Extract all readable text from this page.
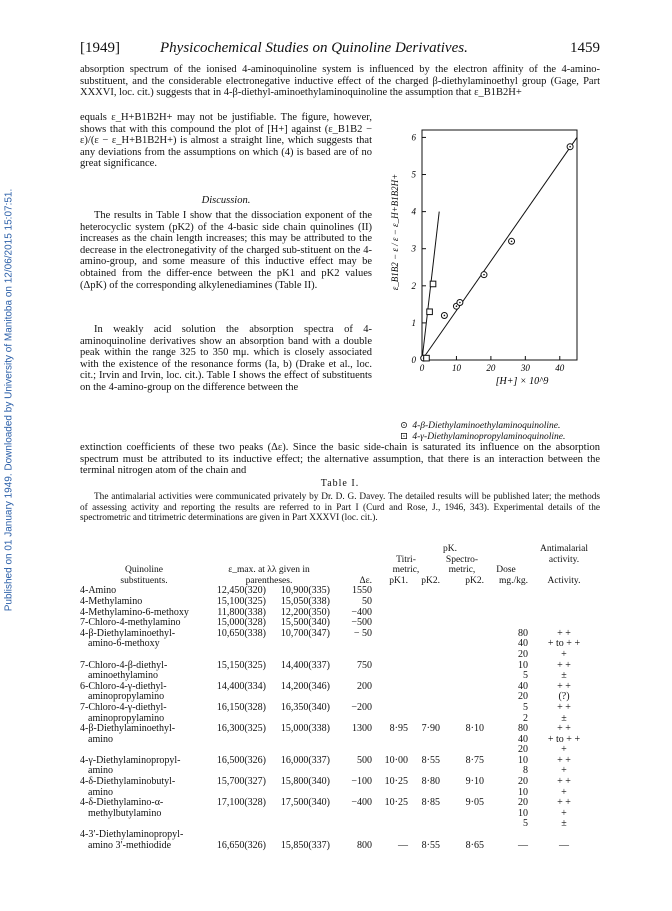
Published on 01 January 1949. Downloaded by University of Manitoba on 12/06/2015 15:07:51.
[1949]	Physicochemical Studies on Quinoline Derivatives.	1459

absorption spectrum of the ionised 4-aminoquinoline system is influenced by the electron affinity of the 4-amino-substituent, and the considerable electronegative inductive effect of the charged β-diethylaminoethyl group (Gage, Part XXXVI, loc. cit.) suggests that in 4-β-diethyl-aminoethylaminoquinoline the assumption that ε_B1B2H+

equals ε_H+B1B2H+ may not be justifiable. The figure, however, shows that with this compound the plot of [H+] against (ε_B1B2 − ε)/(ε − ε_H+B1B2H+) is almost a straight line, which suggests that any deviations from the assumptions on which (4) is based are of no great significance.

Discussion.

The results in Table I show that the dissociation exponent of the heterocyclic system (pK2) of the 4-basic side chain quinolines (II) increases as the chain length increases; this may be attributed to the decrease in the electronegativity of the charged sub-stituent on the 4-amino-group, and some measure of this inductive effect may be obtained from the differ-ence between the pK1 and pK2 values (ΔpK) of the corresponding alkylenediamines (Table II).

In weakly acid solution the absorption spectra of 4-aminoquinoline derivatives show an absorption band with a double peak within the range 325 to 350 mμ. which is closely associated with the existence of the resonance forms (Ia, b) (Drake et al., loc. cit.; Irvin and Irvin, loc. cit.). Table I shows the effect of substituents on the 4-amino-group on the difference between the

0	10	20	30	40
0
1
2
3
4
5
6
ε_B1B2 − ε / ε − ε_H+B1B2H+
[H+] × 10^9
⊙ 4-β-Diethylaminoethylaminoquinoline.
⊡ 4-γ-Diethylaminopropylaminoquinoline.

extinction coefficients of these two peaks (Δε). Since the basic side-chain is saturated its influence on the absorption spectrum must be attributed to its inductive effect; the alternative assumption, that there is an interaction between the terminal nitrogen atom of the chain and

Table I.

The antimalarial activities were communicated privately by Dr. D. G. Davey. The detailed results will be published later; the methods of assessing activity and reporting the results are referred to in Part I (Curd and Rose, J., 1946, 343). Experimental details of the spectrometric and titrimetric determinations are given in Part XXXVI (loc. cit.).

				pK.				Antimalarial
				Titri-		Spectro-		activity.
Quinoline	ε_max. at λλ given in			metric,		metric,	Dose	
substituents.	parentheses.		Δε.	pK1.	pK2.	pK2.	mg./kg.	Activity.
4-Amino	12,450(320)	10,900(335)	1550					
4-Methylamino	15,100(325)	15,050(338)	50					
4-Methylamino-6-methoxy	11,800(338)	12,200(350)	−400					
7-Chloro-4-methylamino	15,000(328)	15,500(340)	−500					
4-β-Diethylaminoethyl-	10,650(338)	10,700(347)	− 50				80	+ +
amino-6-methoxy							40	+ to + +
							20	+
7-Chloro-4-β-diethyl-	15,150(325)	14,400(337)	750				10	+ +
aminoethylamino							5	±
6-Chloro-4-γ-diethyl-	14,400(334)	14,200(346)	200				40	+ +
aminopropylamino							20	(?)
7-Chloro-4-γ-diethyl-	16,150(328)	16,350(340)	−200				5	+ +
aminopropylamino							2	±
4-β-Diethylaminoethyl-	16,300(325)	15,000(338)	1300	8·95	7·90	8·10	80	+ +
amino							40	+ to + +
							20	+
4-γ-Diethylaminopropyl-	16,500(326)	16,000(337)	500	10·00	8·55	8·75	10	+ +
amino							8	+
4-δ-Diethylaminobutyl-	15,700(327)	15,800(340)	−100	10·25	8·80	9·10	20	+ +
amino							10	+
4-δ-Diethylamino-α-	17,100(328)	17,500(340)	−400	10·25	8·85	9·05	20	+ +
methylbutylamino							10	+
							5	±
4-3′-Diethylaminopropyl-								
amino 3′-methiodide	16,650(326)	15,850(337)	800	—	8·55	8·65	—	—
